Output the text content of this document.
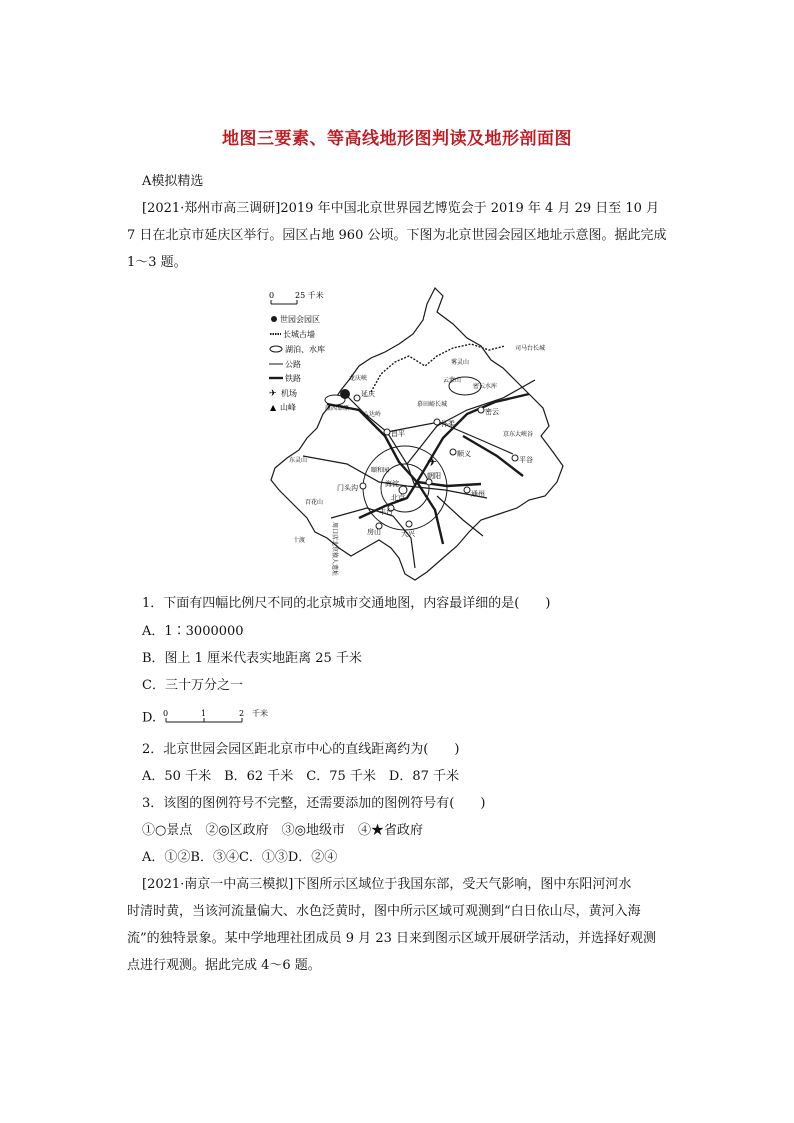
地图三要素、等高线地形图判读及地形剖面图
A模拟精选
[2021·郑州市高三调研]2019 年中国北京世界园艺博览会于 2019 年 4 月 29 日至 10 月
7 日在北京市延庆区举行。园区占地 960 公顷。下图为北京世园会园区地址示意图。据此完成
1～3 题。
0	25 千米
世园会园区
长城古墙
湖泊、水库
公路
铁路
✈ 机场
▲ 山峰
✈
龙庆峡
延庆
康西草原
八达岭
昌平
怀柔
密云
顺义
平谷
北京
海淀
朝阳
丰台
房山	大兴
通州
门头沟
东灵山
百花山
十渡
司马台长城
雾灵山
慕田峪长城
云蒙山
密云水库
京东大峡谷
颐和园
周口店北京猿人遗址
1．下面有四幅比例尺不同的北京城市交通地图，内容最详细的是(　　)
A．1∶3000000
B．图上 1 厘米代表实地距离 25 千米
C．三十万分之一
D. 0	1	2 千米
2．北京世园会园区距北京市中心的直线距离约为(　　)
A．50 千米　B．62 千米　C．75 千米　D．87 千米
3．该图的图例符号不完整，还需要添加的图例符号有(　　)
①○景点　②◎区政府　③◎地级市　④★省政府
A．①②B．③④C．①③D．②④
[2021·南京一中高三模拟]下图所示区域位于我国东部，受天气影响，图中东阳河河水
时清时黄，当该河流量偏大、水色泛黄时，图中所示区域可观测到“白日依山尽，黄河入海
流”的独特景象。某中学地理社团成员 9 月 23 日来到图示区域开展研学活动，并选择好观测
点进行观测。据此完成 4～6 题。
